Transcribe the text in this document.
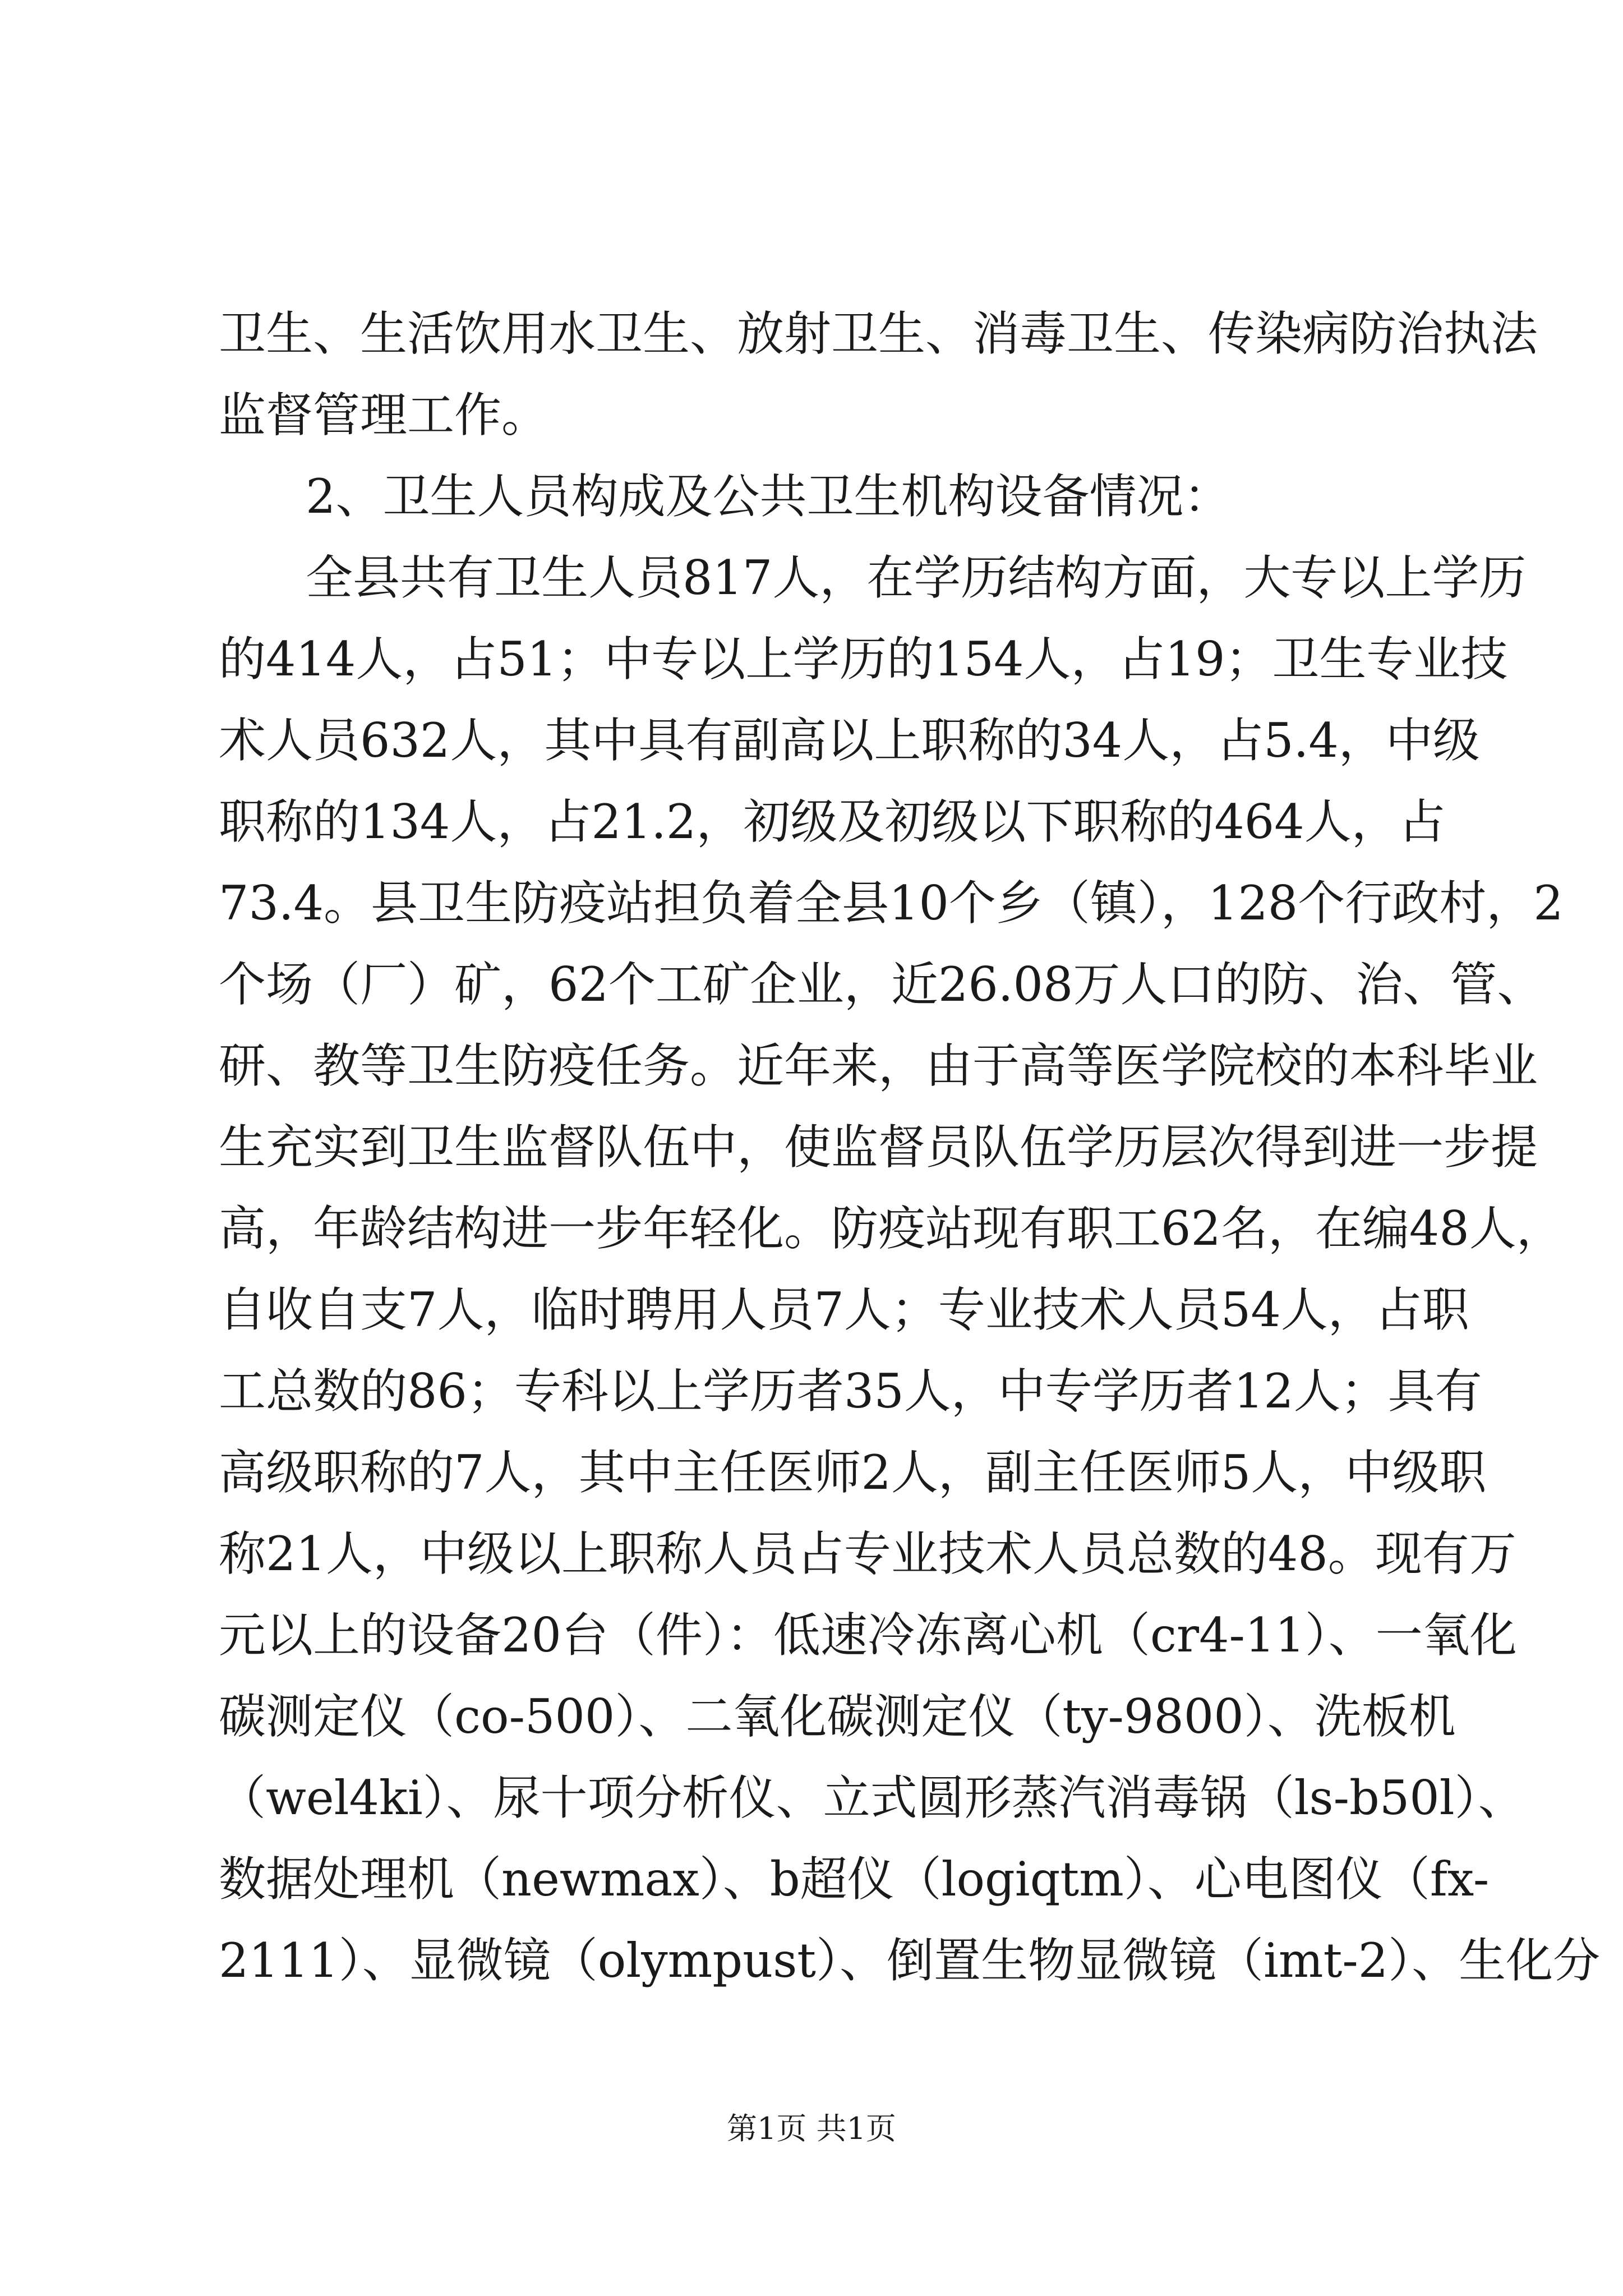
卫生、生活饮用水卫生、放射卫生、消毒卫生、传染病防治执法
监督管理工作。
2、卫生人员构成及公共卫生机构设备情况：
全县共有卫生人员817人，在学历结构方面，大专以上学历
的414人，占51；中专以上学历的154人，占19；卫生专业技
术人员632人，其中具有副高以上职称的34人，占5.4，中级
职称的134人，占21.2，初级及初级以下职称的464人，占
73.4。县卫生防疫站担负着全县10个乡（镇），128个行政村，2
个场（厂）矿，62个工矿企业，近26.08万人口的防、治、管、
研、教等卫生防疫任务。近年来，由于高等医学院校的本科毕业
生充实到卫生监督队伍中，使监督员队伍学历层次得到进一步提
高，年龄结构进一步年轻化。防疫站现有职工62名，在编48人，
自收自支7人，临时聘用人员7人；专业技术人员54人，占职
工总数的86；专科以上学历者35人，中专学历者12人；具有
高级职称的7人，其中主任医师2人，副主任医师5人，中级职
称21人，中级以上职称人员占专业技术人员总数的48。现有万
元以上的设备20台（件）：低速冷冻离心机（cr4-11）、一氧化
碳测定仪（co-500）、二氧化碳测定仪（ty-9800）、洗板机
（wel4ki）、尿十项分析仪、立式圆形蒸汽消毒锅（ls-b50l）、
数据处理机（newmax）、b超仪（logiqtm）、心电图仪（fx-
2111）、显微镜（olympust）、倒置生物显微镜（imt-2）、生化分
第1页 共1页
